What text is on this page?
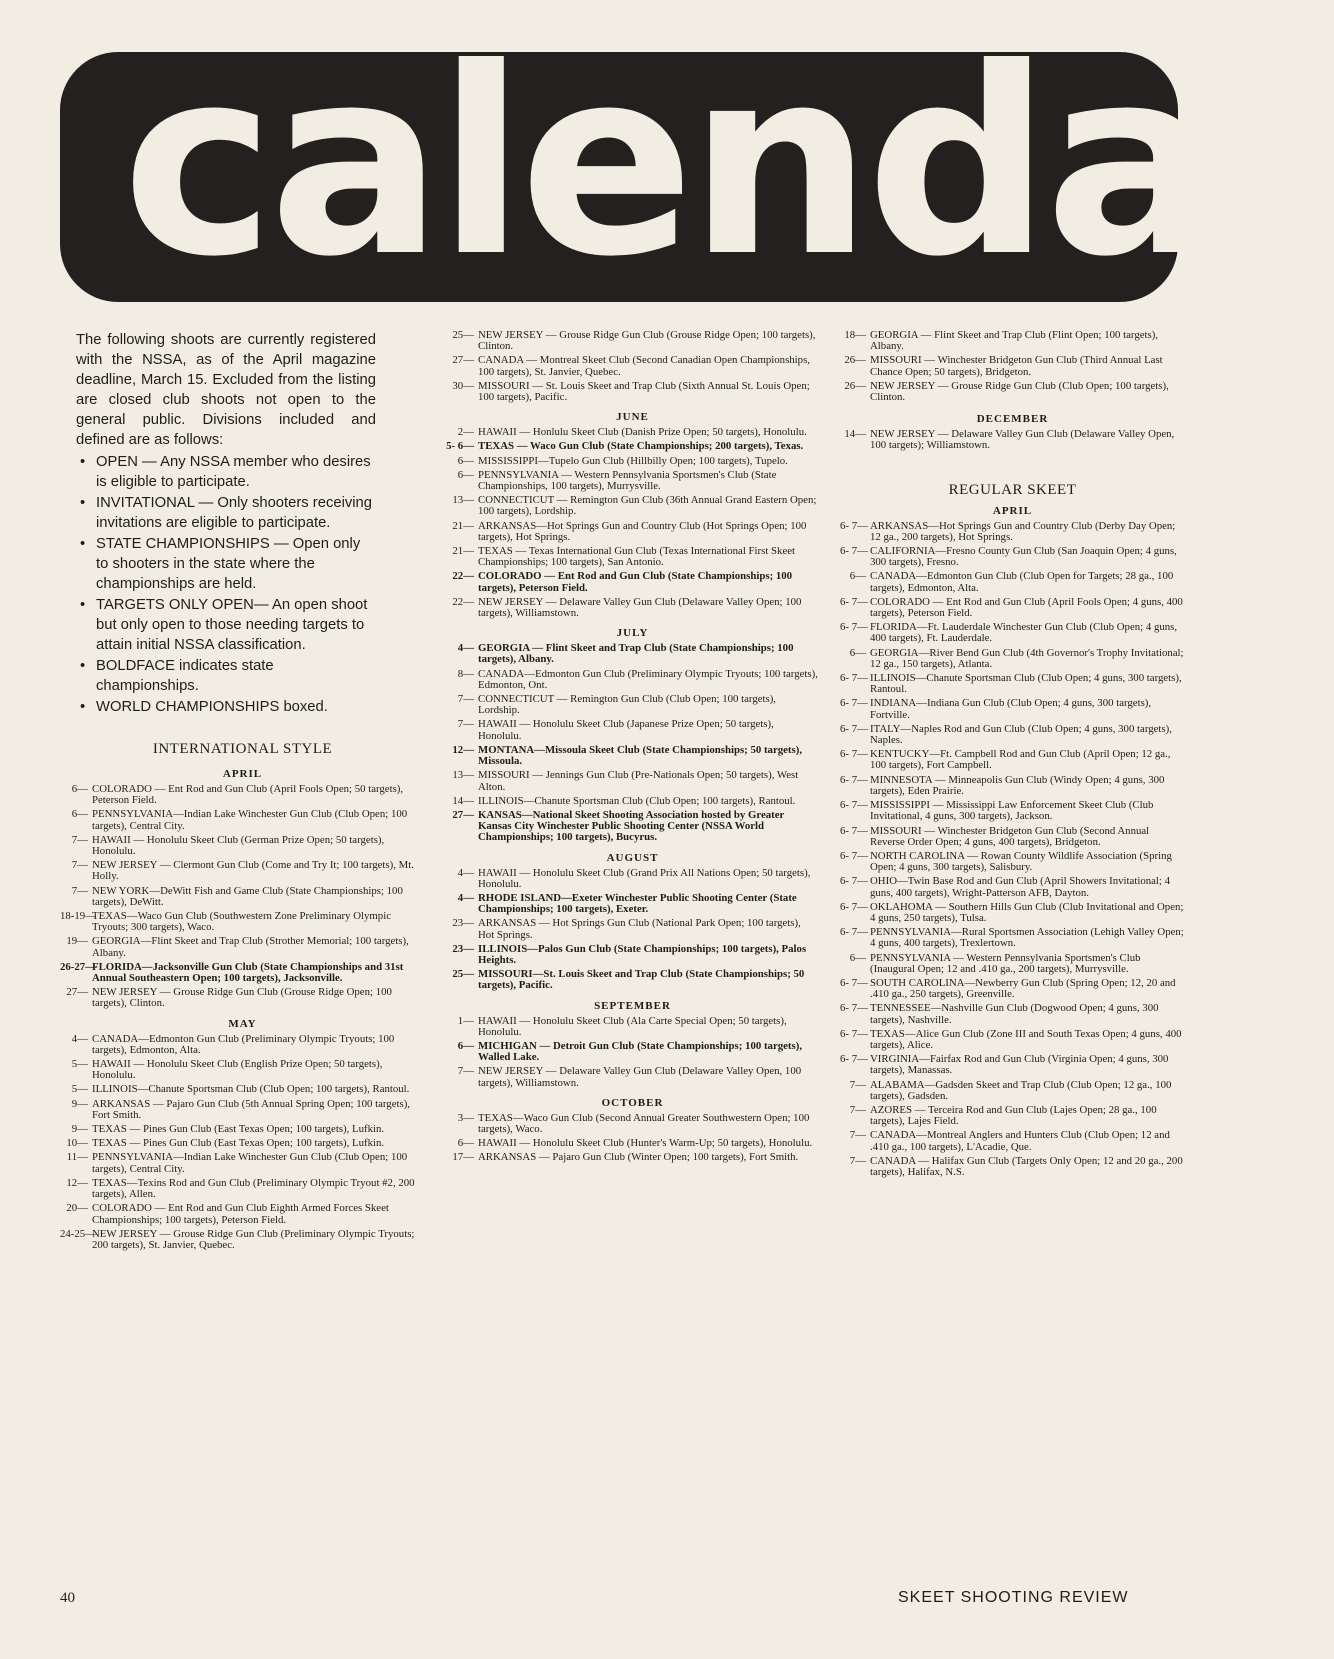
calendar

The following shoots are currently registered with the NSSA, as of the April magazine deadline, March 15. Excluded from the listing are closed club shoots not open to the general public. Divisions included and defined are as follows:

• OPEN — Any NSSA member who desires is eligible to participate.
• INVITATIONAL — Only shooters receiving invitations are eligible to participate.
• STATE CHAMPIONSHIPS — Open only to shooters in the state where the championships are held.
• TARGETS ONLY OPEN— An open shoot but only open to those needing targets to attain initial NSSA classification.
• BOLDFACE indicates state championships.
• WORLD CHAMPIONSHIPS boxed.
INTERNATIONAL STYLE
APRIL
6 —	COLORADO — Ent Rod and Gun Club (April Fools Open; 50 targets), Peterson Field.
6 —	PENNSYLVANIA—Indian Lake Winchester Gun Club (Club Open; 100 targets), Central City.
7 —	HAWAII — Honolulu Skeet Club (German Prize Open; 50 targets), Honolulu.
7 —	NEW JERSEY — Clermont Gun Club (Come and Try It; 100 targets), Mt. Holly.
7 —	NEW YORK—DeWitt Fish and Game Club (State Championships; 100 targets), DeWitt.
18-19 — TEXAS—Waco Gun Club (Southwestern Zone Preliminary Olympic Tryouts; 300 targets), Waco.
19 —	GEORGIA—Flint Skeet and Trap Club (Strother Memorial; 100 targets), Albany.
26-27 — FLORIDA—Jacksonville Gun Club (State Championships and 31st Annual Southeastern Open; 100 targets), Jacksonville.
27 —	NEW JERSEY — Grouse Ridge Gun Club (Grouse Ridge Open; 100 targets), Clinton.
MAY
4 —	CANADA—Edmonton Gun Club (Preliminary Olympic Tryouts; 100 targets), Edmonton, Alta.
5 —	HAWAII — Honolulu Skeet Club (English Prize Open; 50 targets), Honolulu.
5 —	ILLINOIS—Chanute Sportsman Club (Club Open; 100 targets), Rantoul.
9 —	ARKANSAS — Pajaro Gun Club (5th Annual Spring Open; 100 targets), Fort Smith.
9 —	TEXAS — Pines Gun Club (East Texas Open; 100 targets), Lufkin.
10 —	TEXAS — Pines Gun Club (East Texas Open; 100 targets), Lufkin.
11 —	PENNSYLVANIA—Indian Lake Winchester Gun Club (Club Open; 100 targets), Central City.
12 —	TEXAS—Texins Rod and Gun Club (Preliminary Olympic Tryout #2, 200 targets), Allen.
20 —	COLORADO — Ent Rod and Gun Club Eighth Armed Forces Skeet Championships; 100 targets), Peterson Field.
24-25 — NEW JERSEY — Grouse Ridge Gun Club (Preliminary Olympic Tryouts; 200 targets), St. Janvier, Quebec.
25 —	NEW JERSEY — Grouse Ridge Gun Club (Grouse Ridge Open; 100 targets), Clinton.
27 —	CANADA — Montreal Skeet Club (Second Canadian Open Championships, 100 targets), St. Janvier, Quebec.
30 —	MISSOURI — St. Louis Skeet and Trap Club (Sixth Annual St. Louis Open; 100 targets), Pacific.
JUNE
2 —	HAWAII — Honlulu Skeet Club (Danish Prize Open; 50 targets), Honolulu.
5- 6 —	TEXAS — Waco Gun Club (State Championships; 200 targets), Texas.
6 —	MISSISSIPPI—Tupelo Gun Club (Hillbilly Open; 100 targets), Tupelo.
6 —	PENNSYLVANIA — Western Pennsylvania Sportsmen's Club (State Championships, 100 targets), Murrysville.
13 —	CONNECTICUT — Remington Gun Club (36th Annual Grand Eastern Open; 100 targets), Lordship.
21 —	ARKANSAS—Hot Springs Gun and Country Club (Hot Springs Open; 100 targets), Hot Springs.
21 —	TEXAS — Texas International Gun Club (Texas International First Skeet Championships; 100 targets), San Antonio.
22 —	COLORADO — Ent Rod and Gun Club (State Championships; 100 targets), Peterson Field.
22 —	NEW JERSEY — Delaware Valley Gun Club (Delaware Valley Open; 100 targets), Williamstown.
JULY
4 —	GEORGIA — Flint Skeet and Trap Club (State Championships; 100 targets), Albany.
8 —	CANADA—Edmonton Gun Club (Preliminary Olympic Tryouts; 100 targets), Edmonton, Ont.
7 —	CONNECTICUT — Remington Gun Club (Club Open; 100 targets), Lordship.
7 —	HAWAII — Honolulu Skeet Club (Japanese Prize Open; 50 targets), Honolulu.
12 —	MONTANA—Missoula Skeet Club (State Championships; 50 targets), Missoula.
13 —	MISSOURI — Jennings Gun Club (Pre-Nationals Open; 50 targets), West Alton.
14 —	ILLINOIS—Chanute Sportsman Club (Club Open; 100 targets), Rantoul.
27 —	KANSAS—National Skeet Shooting Association hosted by Greater Kansas City Winchester Public Shooting Center (NSSA World Championships; 100 targets), Bucyrus.
AUGUST
4 —	HAWAII — Honolulu Skeet Club (Grand Prix All Nations Open; 50 targets), Honolulu.
4 —	RHODE ISLAND—Exeter Winchester Public Shooting Center (State Championships; 100 targets), Exeter.
23 —	ARKANSAS — Hot Springs Gun Club (National Park Open; 100 targets), Hot Springs.
23 —	ILLINOIS—Palos Gun Club (State Championships; 100 targets), Palos Heights.
25 —	MISSOURI—St. Louis Skeet and Trap Club (State Championships; 50 targets), Pacific.
SEPTEMBER
1 —	HAWAII — Honolulu Skeet Club (Ala Carte Special Open; 50 targets), Honolulu.
6 —	MICHIGAN — Detroit Gun Club (State Championships; 100 targets), Walled Lake.
7 —	NEW JERSEY — Delaware Valley Gun Club (Delaware Valley Open, 100 targets), Williamstown.
OCTOBER
3 —	TEXAS—Waco Gun Club (Second Annual Greater Southwestern Open; 100 targets), Waco.
6 —	HAWAII — Honolulu Skeet Club (Hunter's Warm-Up; 50 targets), Honolulu.
17 —	ARKANSAS — Pajaro Gun Club (Winter Open; 100 targets), Fort Smith.
18 —	GEORGIA — Flint Skeet and Trap Club (Flint Open; 100 targets), Albany.
26 —	MISSOURI — Winchester Bridgeton Gun Club (Third Annual Last Chance Open; 50 targets), Bridgeton.
26 —	NEW JERSEY — Grouse Ridge Gun Club (Club Open; 100 targets), Clinton.
DECEMBER
14 —	NEW JERSEY — Delaware Valley Gun Club (Delaware Valley Open, 100 targets); Williamstown.
REGULAR SKEET
APRIL
6- 7 —	ARKANSAS—Hot Springs Gun and Country Club (Derby Day Open; 12 ga., 200 targets), Hot Springs.
6- 7 —	CALIFORNIA—Fresno County Gun Club (San Joaquin Open; 4 guns, 300 targets), Fresno.
6 —	CANADA—Edmonton Gun Club (Club Open for Targets; 28 ga., 100 targets), Edmonton, Alta.
6- 7 —	COLORADO — Ent Rod and Gun Club (April Fools Open; 4 guns, 400 targets), Peterson Field.
6- 7 —	FLORIDA—Ft. Lauderdale Winchester Gun Club (Club Open; 4 guns, 400 targets), Ft. Lauderdale.
6 —	GEORGIA—River Bend Gun Club (4th Governor's Trophy Invitational; 12 ga., 150 targets), Atlanta.
6- 7 —	ILLINOIS—Chanute Sportsman Club (Club Open; 4 guns, 300 targets), Rantoul.
6- 7 —	INDIANA—Indiana Gun Club (Club Open; 4 guns, 300 targets), Fortville.
6- 7 —	ITALY—Naples Rod and Gun Club (Club Open; 4 guns, 300 targets), Naples.
6- 7 —	KENTUCKY—Ft. Campbell Rod and Gun Club (April Open; 12 ga., 100 targets), Fort Campbell.
6- 7 —	MINNESOTA — Minneapolis Gun Club (Windy Open; 4 guns, 300 targets), Eden Prairie.
6- 7 —	MISSISSIPPI — Mississippi Law Enforcement Skeet Club (Club Invitational, 4 guns, 300 targets), Jackson.
6- 7 —	MISSOURI — Winchester Bridgeton Gun Club (Second Annual Reverse Order Open; 4 guns, 400 targets), Bridgeton.
6- 7 —	NORTH CAROLINA — Rowan County Wildlife Association (Spring Open; 4 guns, 300 targets), Salisbury.
6- 7 —	OHIO—Twin Base Rod and Gun Club (April Showers Invitational; 4 guns, 400 targets), Wright-Patterson AFB, Dayton.
6- 7 —	OKLAHOMA — Southern Hills Gun Club (Club Invitational and Open; 4 guns, 250 targets), Tulsa.
6- 7 —	PENNSYLVANIA—Rural Sportsmen Association (Lehigh Valley Open; 4 guns, 400 targets), Trexlertown.
6 —	PENNSYLVANIA — Western Pennsylvania Sportsmen's Club (Inaugural Open; 12 and .410 ga., 200 targets), Murrysville.
6- 7 —	SOUTH CAROLINA—Newberry Gun Club (Spring Open; 12, 20 and .410 ga., 250 targets), Greenville.
6- 7 —	TENNESSEE—Nashville Gun Club (Dogwood Open; 4 guns, 300 targets), Nashville.
6- 7 —	TEXAS—Alice Gun Club (Zone III and South Texas Open; 4 guns, 400 targets), Alice.
6- 7 —	VIRGINIA—Fairfax Rod and Gun Club (Virginia Open; 4 guns, 300 targets), Manassas.
7 —	ALABAMA—Gadsden Skeet and Trap Club (Club Open; 12 ga., 100 targets), Gadsden.
7 —	AZORES — Terceira Rod and Gun Club (Lajes Open; 28 ga., 100 targets), Lajes Field.
7 —	CANADA—Montreal Anglers and Hunters Club (Club Open; 12 and .410 ga., 100 targets), L'Acadie, Que.
7 —	CANADA — Halifax Gun Club (Targets Only Open; 12 and 20 ga., 200 targets), Halifax, N.S.
40	SKEET SHOOTING REVIEW
